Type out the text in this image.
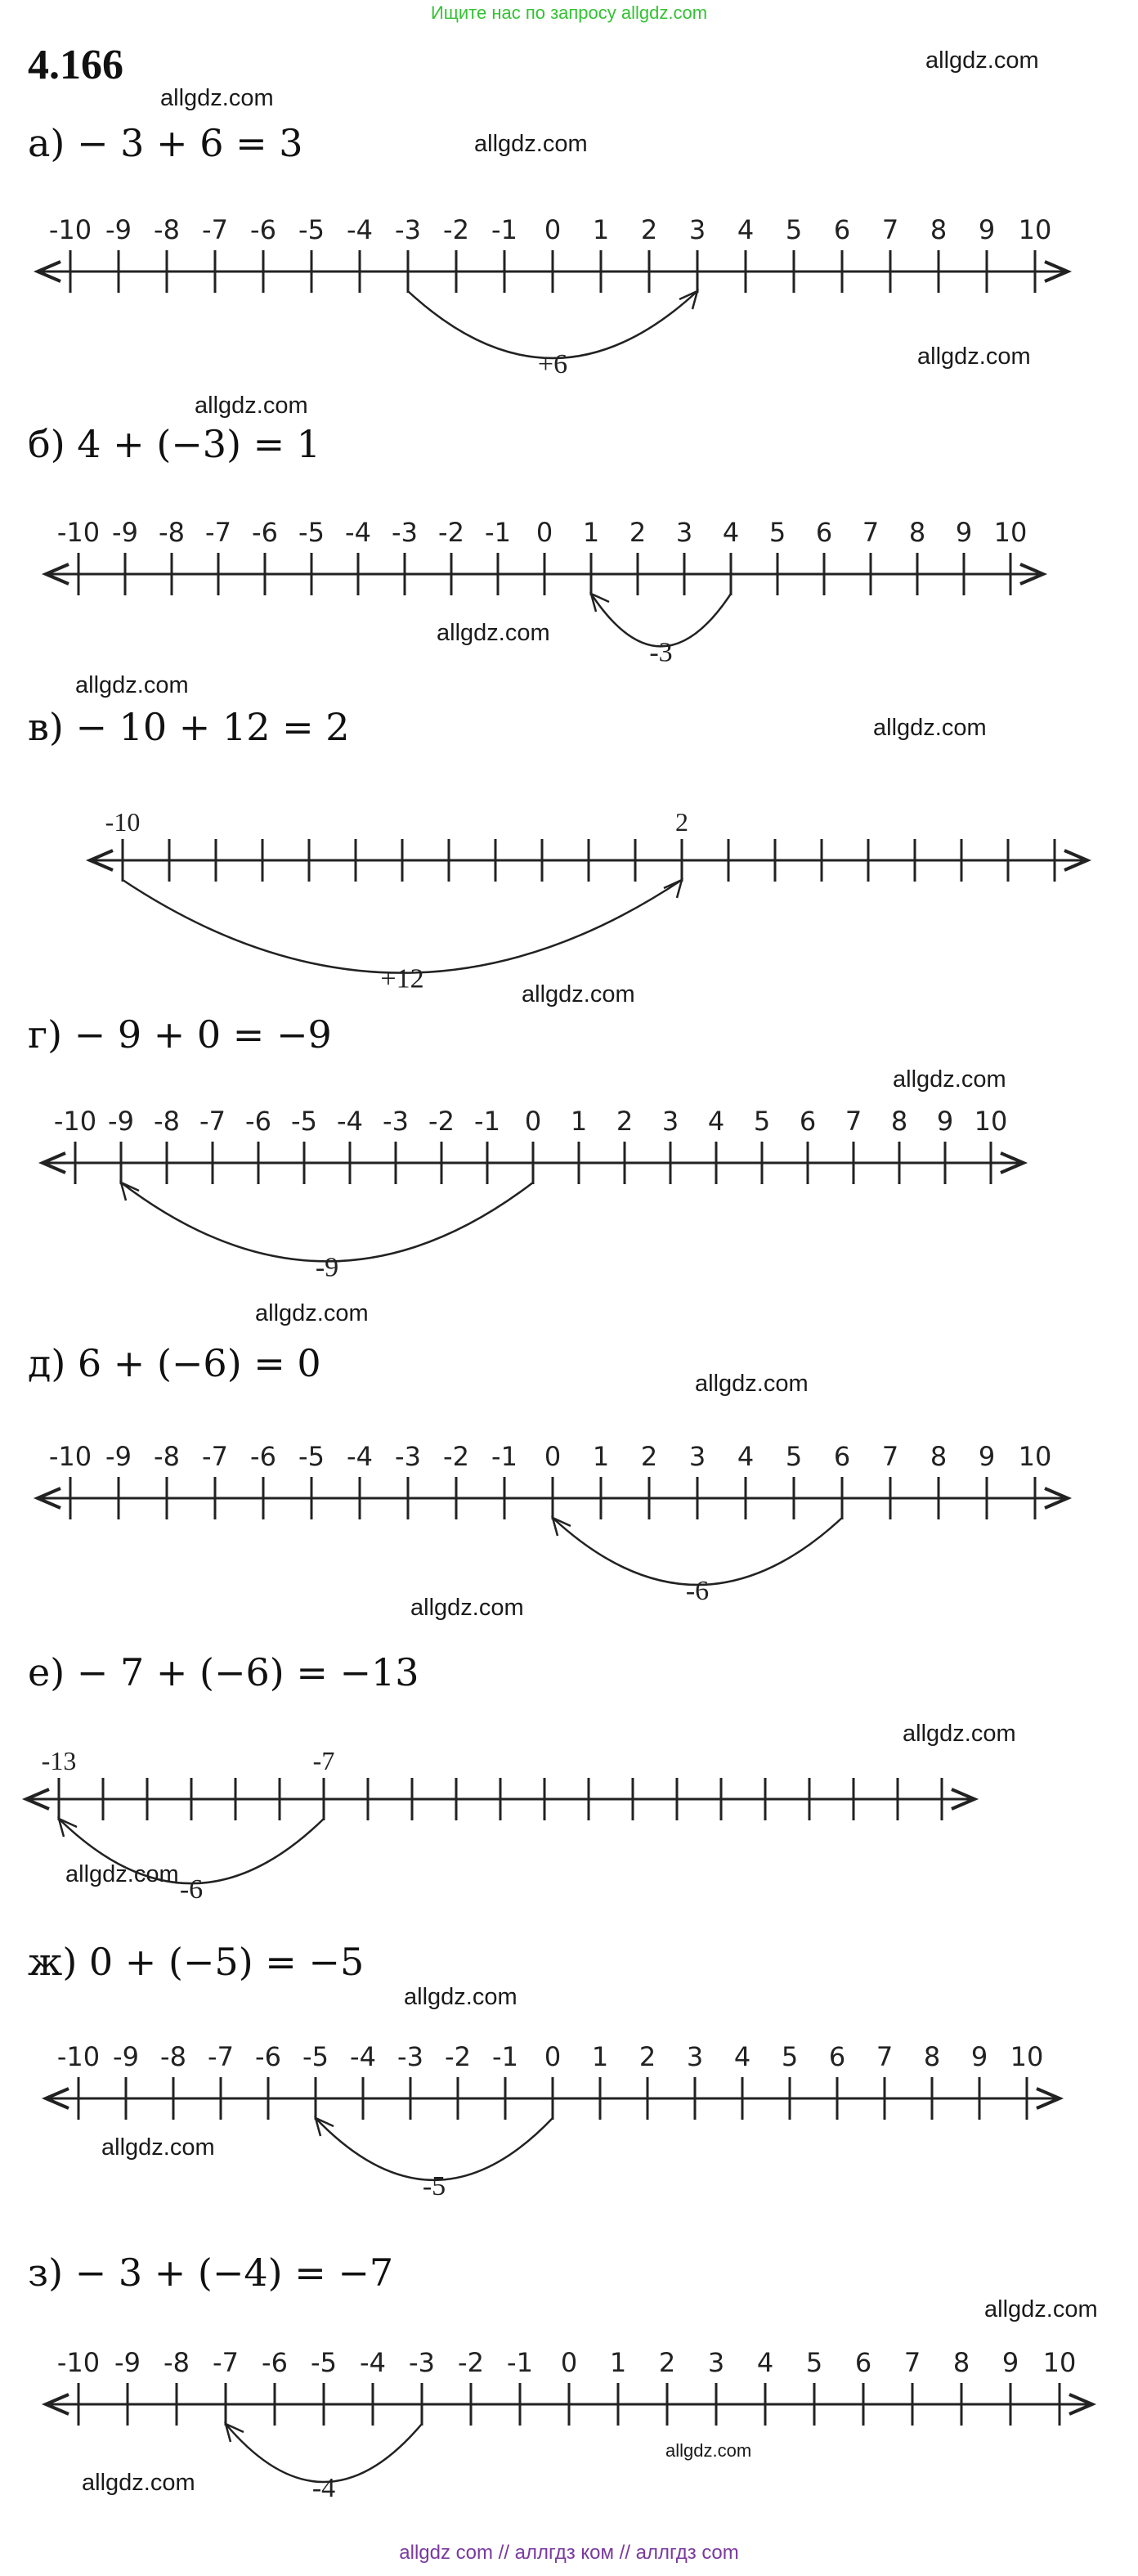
Ищите нас по запросу allgdz.com
4.166	allgdz.com
allgdz.com
allgdz.com
allgdz.com
allgdz.com
allgdz.com
allgdz.com
allgdz.com
allgdz.com
allgdz.com
allgdz.com
allgdz.com
allgdz.com
allgdz.com
allgdz.com
allgdz.com
allgdz.com
allgdz.com
allgdz.com
allgdz.com
а) − 3 + 6 = 3
б) 4 + (−3) = 1
в) − 10 + 12 = 2
г) − 9 + 0 = −9
д) 6 + (−6) = 0
е) − 7 + (−6) = −13
ж) 0 + (−5) = −5
з) − 3 + (−4) = −7
-10 -9 -8 -7 -6 -5 -4 -3 -2 -1 0 1 2 3 4 5 6 7 8 9 10
+6
-10 -9 -8 -7 -6 -5 -4 -3 -2 -1 0 1 2 3 4 5 6 7 8 9 10
-3
-10	2
+12
-10 -9 -8 -7 -6 -5 -4 -3 -2 -1 0 1 2 3 4 5 6 7 8 9 10
-9
-10 -9 -8 -7 -6 -5 -4 -3 -2 -1 0 1 2 3 4 5 6 7 8 9 10
-6
-13	-7
-6
-10 -9 -8 -7 -6 -5 -4 -3 -2 -1 0 1 2 3 4 5 6 7 8 9 10
-5
-10 -9 -8 -7 -6 -5 -4 -3 -2 -1 0 1 2 3 4 5 6 7 8 9 10
-4
allgdz com // аллгдз ком // аллгдз com
